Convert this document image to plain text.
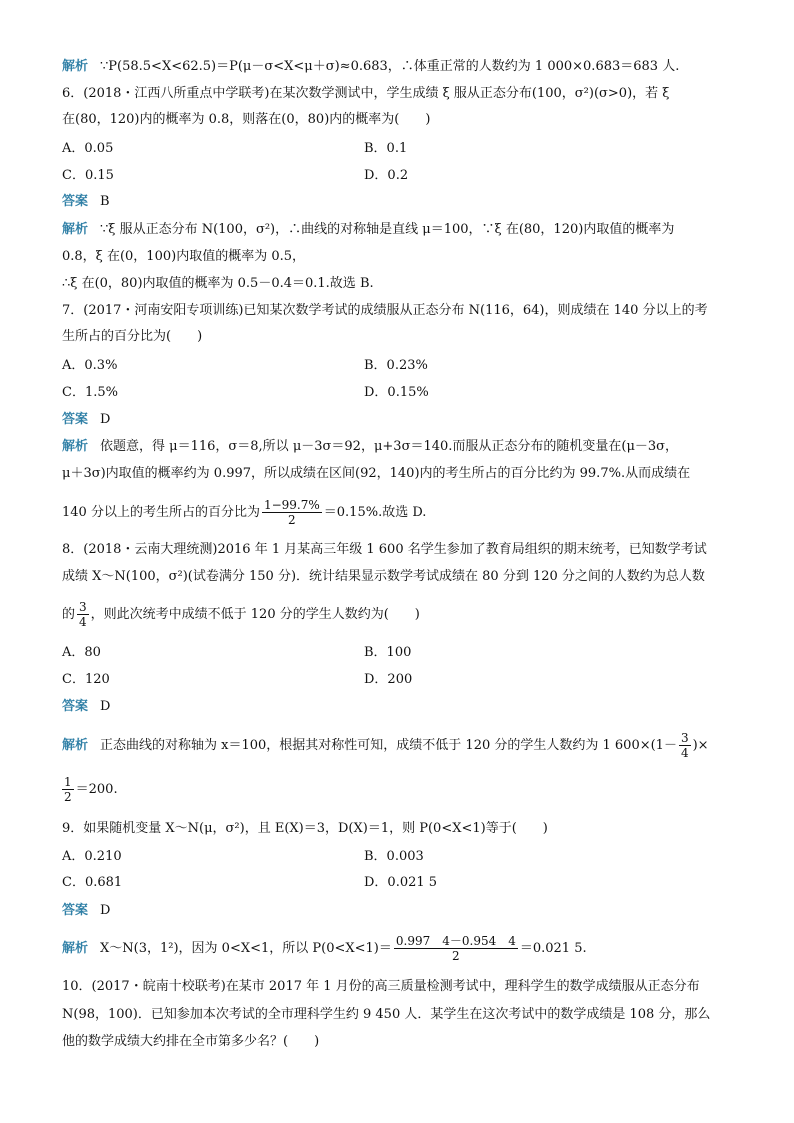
解析 ∵P(58.5<X<62.5)＝P(μ－σ<X<μ＋σ)≈0.683，∴体重正常的人数约为 1 000×0.683＝683 人.
6．(2018・江西八所重点中学联考)在某次数学测试中，学生成绩 ξ 服从正态分布(100，σ²)(σ>0)，若 ξ
在(80，120)内的概率为 0.8，则落在(0，80)内的概率为(　　)
A．0.05	B．0.1
C．0.15	D．0.2
答案 B
解析 ∵ξ 服从正态分布 N(100，σ²)，∴曲线的对称轴是直线 μ＝100，∵ξ 在(80，120)内取值的概率为
0.8，ξ 在(0，100)内取值的概率为 0.5，
∴ξ 在(0，80)内取值的概率为 0.5－0.4＝0.1.故选 B.
7．(2017・河南安阳专项训练)已知某次数学考试的成绩服从正态分布 N(116，64)，则成绩在 140 分以上的考
生所占的百分比为(　　)
A．0.3%	B．0.23%
C．1.5%	D．0.15%
答案 D
解析 依题意，得 μ＝116，σ＝8,所以 μ－3σ＝92，μ+3σ＝140.而服从正态分布的随机变量在(μ－3σ，
μ＋3σ)内取值的概率约为 0.997，所以成绩在区间(92，140)内的考生所占的百分比约为 99.7%.从而成绩在
140 分以上的考生所占的百分比为 $\frac{1-99.7\%}{2} =0.15\%$.故选 D.
8．(2018・云南大理统测)2016 年 1 月某高三年级 1 600 名学生参加了教育局组织的期末统考，已知数学考试
成绩 X～N(100，σ²)(试卷满分 150 分)．统计结果显示数学考试成绩在 80 分到 120 分之间的人数约为总人数
的 $\frac{3}{4}$ ，则此次统考中成绩不低于 120 分的学生人数约为(　　)
A．80	B．100
C．120	D．200
答案 D
解析 正态曲线的对称轴为 x＝100，根据其对称性可知，成绩不低于 120 分的学生人数约为 1 $600\times(1- \frac{3}{4}$ )×
$\frac{1}{2} =200$.
9．如果随机变量 X～N(μ，σ²)，且 E(X)＝3，D(X)＝1，则 P(0<X<1)等于(　　)
A．0.210	B．0.003
C．0.681	D．0.021 5
答案 D
解析 X～N(3，1²)，因为 0<X<1，所以 $P(0<X<1)= \frac{0.997 4-0.954 4}{2} =0.021$ 5.
10．(2017・皖南十校联考)在某市 2017 年 1 月份的高三质量检测考试中，理科学生的数学成绩服从正态分布
N(98，100)．已知参加本次考试的全市理科学生约 9 450 人．某学生在这次考试中的数学成绩是 108 分，那么
他的数学成绩大约排在全市第多少名？(　　)
